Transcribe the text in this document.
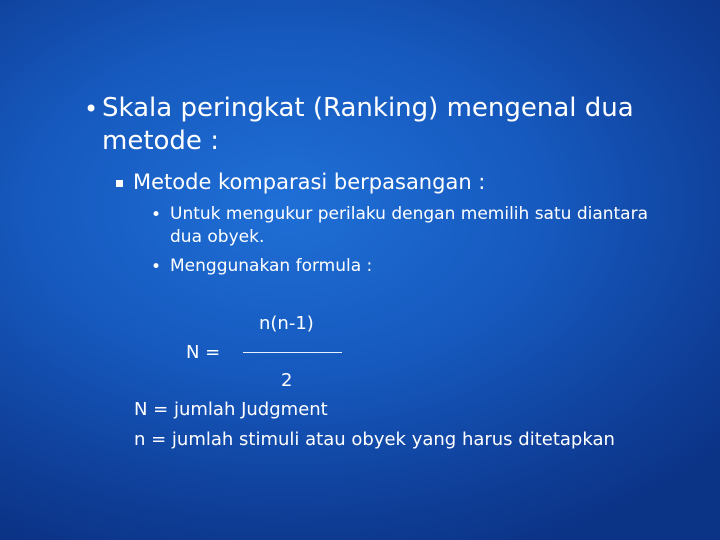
• Skala peringkat (Ranking) mengenal dua metode :
Metode komparasi berpasangan :
• Untuk mengukur perilaku dengan memilih satu diantara dua obyek.
• Menggunakan formula :
n(n-1)
N =
2
N = jumlah Judgment
n = jumlah stimuli atau obyek yang harus ditetapkan
